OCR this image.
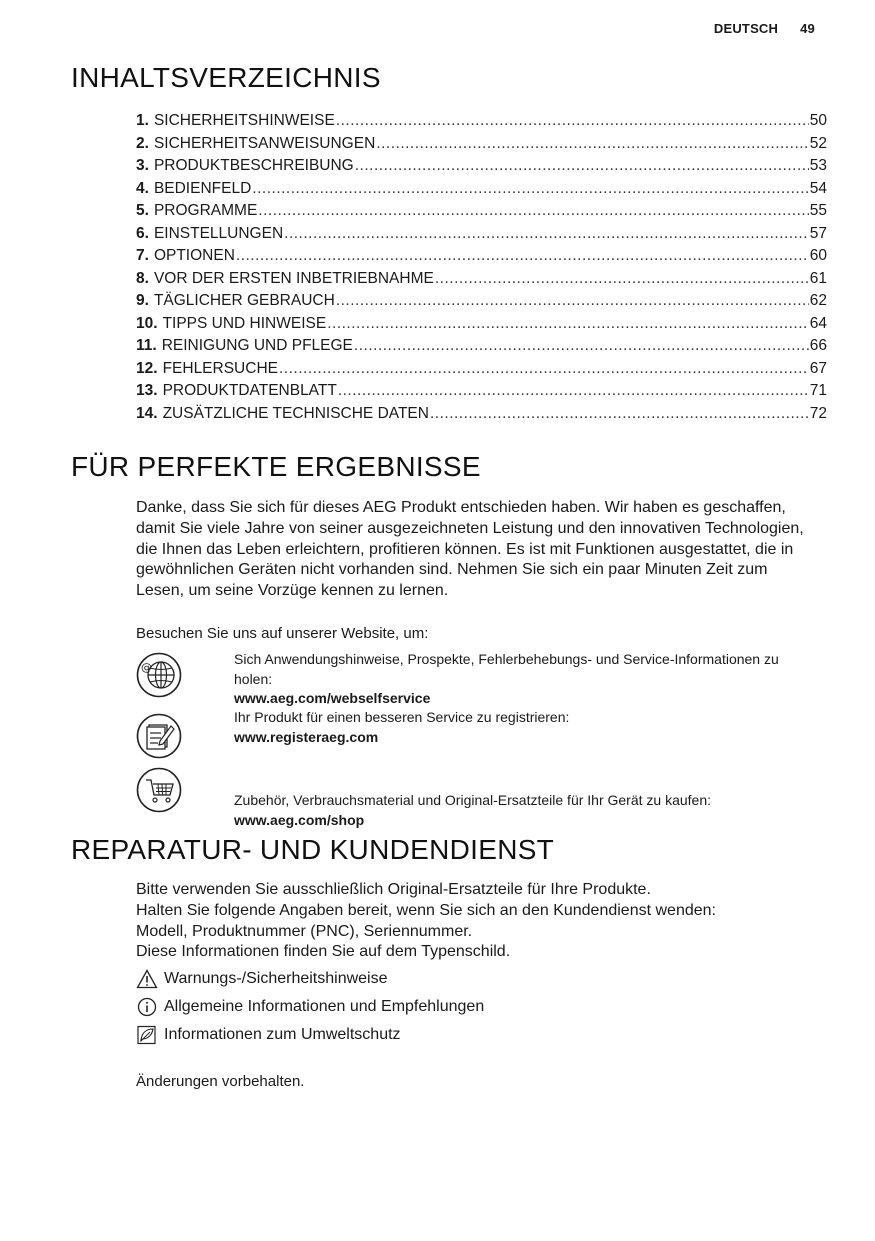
DEUTSCH 49
INHALTSVERZEICHNIS
1. SICHERHEITSHINWEISE .....	50
2. SICHERHEITSANWEISUNGEN .....	52
3. PRODUKTBESCHREIBUNG .....	53
4. BEDIENFELD .....	54
5. PROGRAMME .....	55
6. EINSTELLUNGEN .....	57
7. OPTIONEN .....	60
8. VOR DER ERSTEN INBETRIEBNAHME .....	61
9. TÄGLICHER GEBRAUCH .....	62
10. TIPPS UND HINWEISE .....	64
11. REINIGUNG UND PFLEGE .....	66
12. FEHLERSUCHE .....	67
13. PRODUKTDATENBLATT .....	71
14. ZUSÄTZLICHE TECHNISCHE DATEN .....	72
FÜR PERFEKTE ERGEBNISSE

Danke, dass Sie sich für dieses AEG Produkt entschieden haben. Wir haben es geschaffen, damit Sie viele Jahre von seiner ausgezeichneten Leistung und den innovativen Technologien, die Ihnen das Leben erleichtern, profitieren können. Es ist mit Funktionen ausgestattet, die in gewöhnlichen Geräten nicht vorhanden sind. Nehmen Sie sich ein paar Minuten Zeit zum Lesen, um seine Vorzüge kennen zu lernen.

Besuchen Sie uns auf unserer Website, um:

@
Sich Anwendungshinweise, Prospekte, Fehlerbehebungs- und Service-Informationen zu holen:
www.aeg.com/webselfservice
Ihr Produkt für einen besseren Service zu registrieren:
www.registeraeg.com
Zubehör, Verbrauchsmaterial und Original-Ersatzteile für Ihr Gerät zu kaufen:
www.aeg.com/shop
REPARATUR- UND KUNDENDIENST
Bitte verwenden Sie ausschließlich Original-Ersatzteile für Ihre Produkte.
Halten Sie folgende Angaben bereit, wenn Sie sich an den Kundendienst wenden: Modell, Produktnummer (PNC), Seriennummer.
Diese Informationen finden Sie auf dem Typenschild.
Warnungs-/Sicherheitshinweise
Allgemeine Informationen und Empfehlungen
Informationen zum Umweltschutz

Änderungen vorbehalten.
